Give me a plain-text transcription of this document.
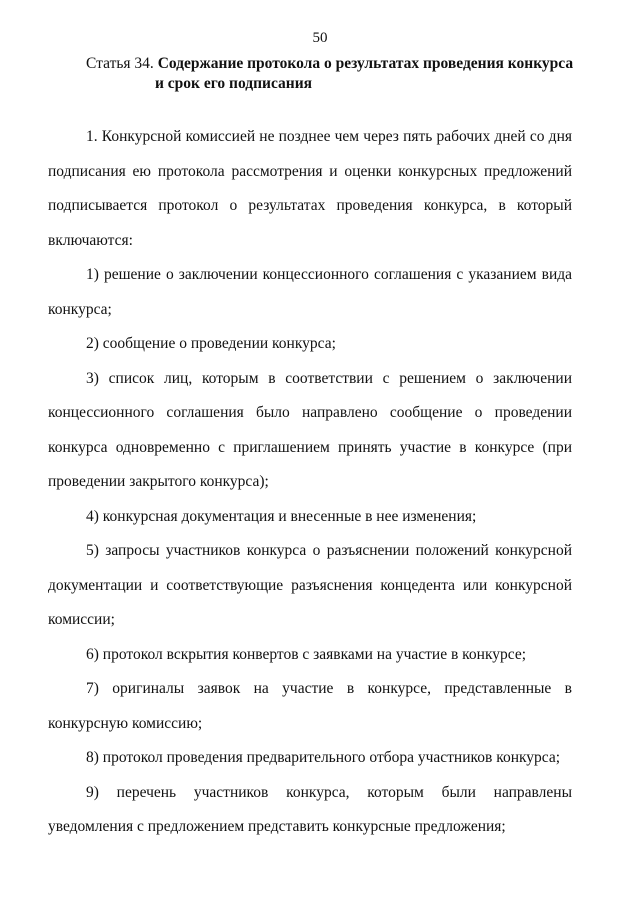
50
Статья 34. Содержание протокола о результатах проведения конкурса
и срок его подписания

1. Конкурсной комиссией не позднее чем через пять рабочих дней со дня подписания ею протокола рассмотрения и оценки конкурсных предложений подписывается протокол о результатах проведения конкурса, в который включаются:

1) решение о заключении концессионного соглашения с указанием вида конкурса;

2) сообщение о проведении конкурса;

3) список лиц, которым в соответствии с решением о заключении концессионного соглашения было направлено сообщение о проведении конкурса одновременно с приглашением принять участие в конкурсе (при проведении закрытого конкурса);

4) конкурсная документация и внесенные в нее изменения;

5) запросы участников конкурса о разъяснении положений конкурсной документации и соответствующие разъяснения концедента или конкурсной комиссии;

6) протокол вскрытия конвертов с заявками на участие в конкурсе;

7) оригиналы заявок на участие в конкурсе, представленные в конкурсную комиссию;

8) протокол проведения предварительного отбора участников конкурса;

9) перечень участников конкурса, которым были направлены уведомления с предложением представить конкурсные предложения;
